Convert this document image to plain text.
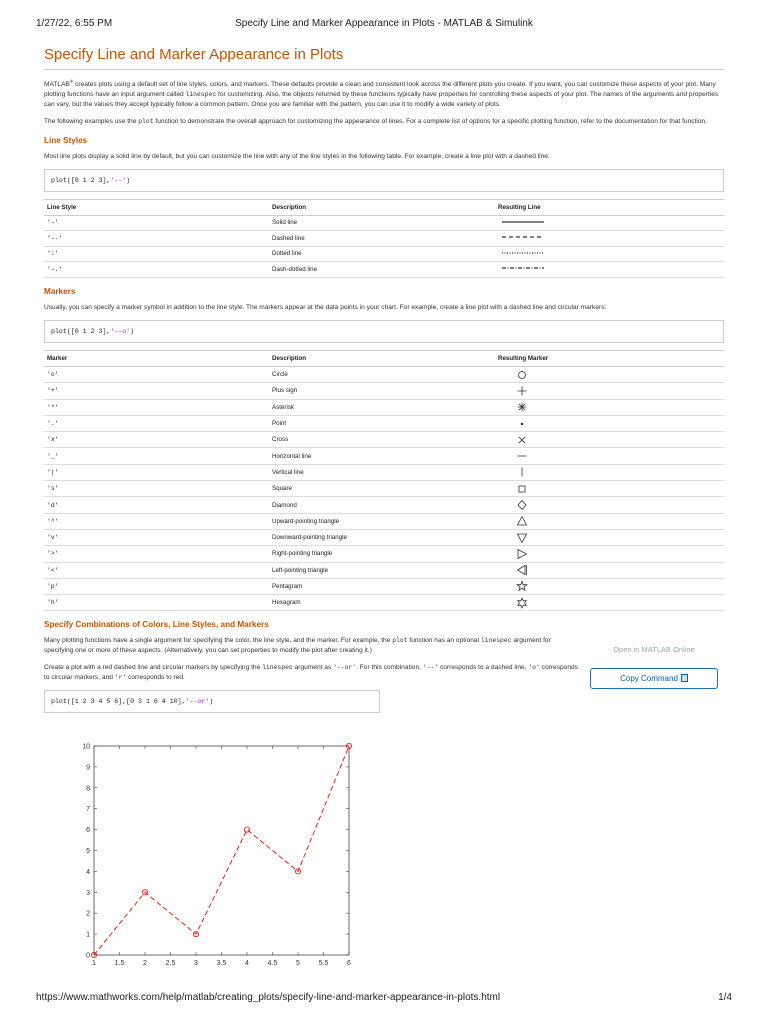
1/27/22, 6:55 PM	Specify Line and Marker Appearance in Plots - MATLAB & Simulink
Specify Line and Marker Appearance in Plots

MATLAB® creates plots using a default set of line styles, colors, and markers. These defaults provide a clean and consistent look across the different plots you create. If you want, you can customize these aspects of your plot. Many plotting functions have an input argument called linespec for customizing. Also, the objects returned by these functions typically have properties for controlling these aspects of your plot. The names of the arguments and properties can vary, but the values they accept typically follow a common pattern. Once you are familiar with the pattern, you can use it to modify a wide variety of plots.

The following examples use the plot function to demonstrate the overall approach for customizing the appearance of lines. For a complete list of options for a specific plotting function, refer to the documentation for that function.

Line Styles

Most line plots display a solid line by default, but you can customize the line with any of the line styles in the following table. For example, create a line plot with a dashed line:

plot([0 1 2 3],'--')
Line Style	Description	Resulting Line
'-'	Solid line	
'--'	Dashed line	
':'	Dotted line	
'-.'	Dash-dotted line	
Markers

Usually, you can specify a marker symbol in addition to the line style. The markers appear at the data points in your chart. For example, create a line plot with a dashed line and circular markers:

plot([0 1 2 3],'--o')
Marker	Description	Resulting Marker
'o'	Circle	

'+'	Plus sign	

'*'	Asterisk	

'.'	Point	

'x'	Cross	

'_'	Horizontal line	

'|'	Vertical line	

's'	Square	

'd'	Diamond	

'^'	Upward-pointing triangle	

'v'	Downward-pointing triangle	

'>'	Right-pointing triangle	

'<'	Left-pointing triangle	

'p'	Pentagram	

'h'	Hexagram	
Specify Combinations of Colors, Line Styles, and Markers

Many plotting functions have a single argument for specifying the color, the line style, and the marker. For example, the plot function has an optional linespec argument for specifying one or more of these aspects. (Alternatively, you can set properties to modify the plot after creating it.)

Create a plot with a red dashed line and circular markers by specifying the linespec argument as '--or'. For this combination, '--' corresponds to a dashed line, 'o' corresponds to circular markers, and 'r' corresponds to red.

Open in MATLAB Online
Copy Command
plot([1 2 3 4 5 6],[0 3 1 6 4 10],'--or')
1	1.5	2	2.5	3	3.5	4	4.5	5	5.5	6
0
1
2
3
4
5
6
7
8
9
10
https://www.mathworks.com/help/matlab/creating_plots/specify-line-and-marker-appearance-in-plots.html	1/4
